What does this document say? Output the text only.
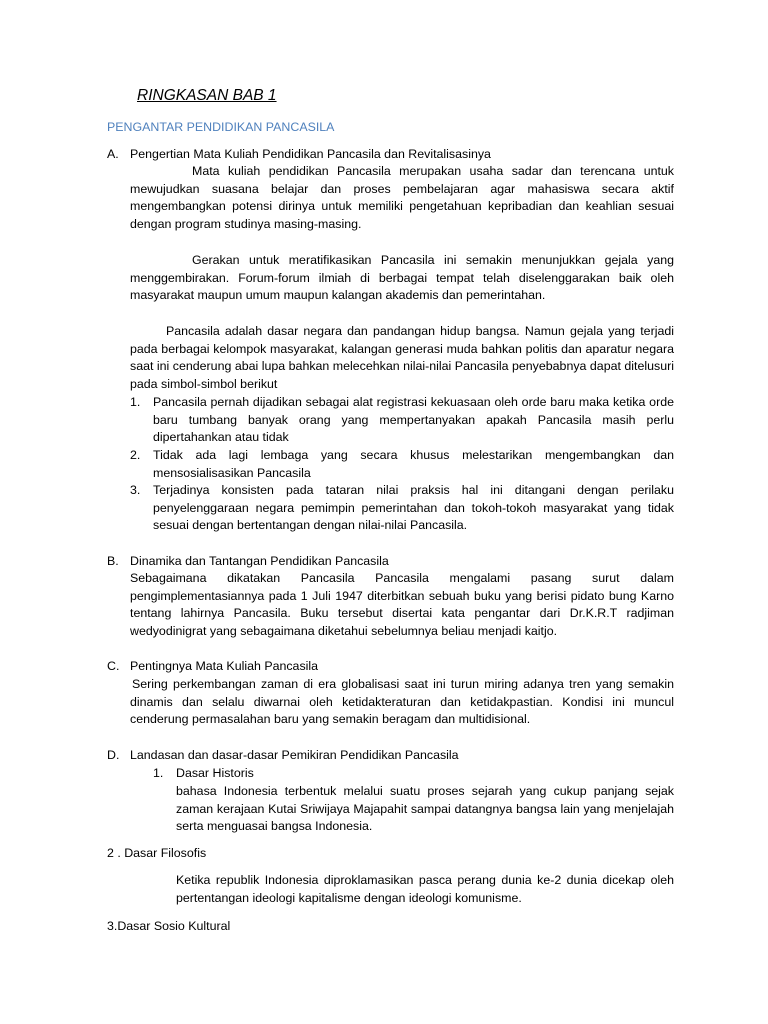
RINGKASAN BAB 1

PENGANTAR PENDIDIKAN PANCASILA

A. Pengertian Mata Kuliah Pendidikan Pancasila dan Revitalisasinya

Mata kuliah pendidikan Pancasila merupakan usaha sadar dan terencana untuk mewujudkan suasana belajar dan proses pembelajaran agar mahasiswa secara aktif mengembangkan potensi dirinya untuk memiliki pengetahuan kepribadian dan keahlian sesuai dengan program studinya masing-masing.

Gerakan untuk meratifikasikan Pancasila ini semakin menunjukkan gejala yang menggembirakan. Forum-forum ilmiah di berbagai tempat telah diselenggarakan baik oleh masyarakat maupun umum maupun kalangan akademis dan pemerintahan.

Pancasila adalah dasar negara dan pandangan hidup bangsa. Namun gejala yang terjadi pada berbagai kelompok masyarakat, kalangan generasi muda bahkan politis dan aparatur negara saat ini cenderung abai lupa bahkan melecehkan nilai-nilai Pancasila penyebabnya dapat ditelusuri pada simbol-simbol berikut

1.	Pancasila pernah dijadikan sebagai alat registrasi kekuasaan oleh orde baru maka ketika orde baru tumbang banyak orang yang mempertanyakan apakah Pancasila masih perlu dipertahankan atau tidak
2.	Tidak ada lagi lembaga yang secara khusus melestarikan mengembangkan dan mensosialisasikan Pancasila
3.	Terjadinya konsisten pada tataran nilai praksis hal ini ditangani dengan perilaku penyelenggaraan negara pemimpin pemerintahan dan tokoh-tokoh masyarakat yang tidak sesuai dengan bertentangan dengan nilai-nilai Pancasila.
B. Dinamika dan Tantangan Pendidikan Pancasila

Sebagaimana dikatakan Pancasila Pancasila mengalami pasang surut dalam pengimplementasiannya pada 1 Juli 1947 diterbitkan sebuah buku yang berisi pidato bung Karno tentang lahirnya Pancasila. Buku tersebut disertai kata pengantar dari Dr.K.R.T radjiman wedyodinigrat yang sebagaimana diketahui sebelumnya beliau menjadi kaitjo.

C. Pentingnya Mata Kuliah Pancasila

Sering perkembangan zaman di era globalisasi saat ini turun miring adanya tren yang semakin dinamis dan selalu diwarnai oleh ketidakteraturan dan ketidakpastian. Kondisi ini muncul cenderung permasalahan baru yang semakin beragam dan multidisional.

D. Landasan dan dasar-dasar Pemikiran Pendidikan Pancasila
1.	Dasar Historis

bahasa Indonesia terbentuk melalui suatu proses sejarah yang cukup panjang sejak zaman kerajaan Kutai Sriwijaya Majapahit sampai datangnya bangsa lain yang menjelajah serta menguasai bangsa Indonesia.

2 . Dasar Filosofis

Ketika republik Indonesia diproklamasikan pasca perang dunia ke-2 dunia dicekap oleh pertentangan ideologi kapitalisme dengan ideologi komunisme.

3.Dasar Sosio Kultural
